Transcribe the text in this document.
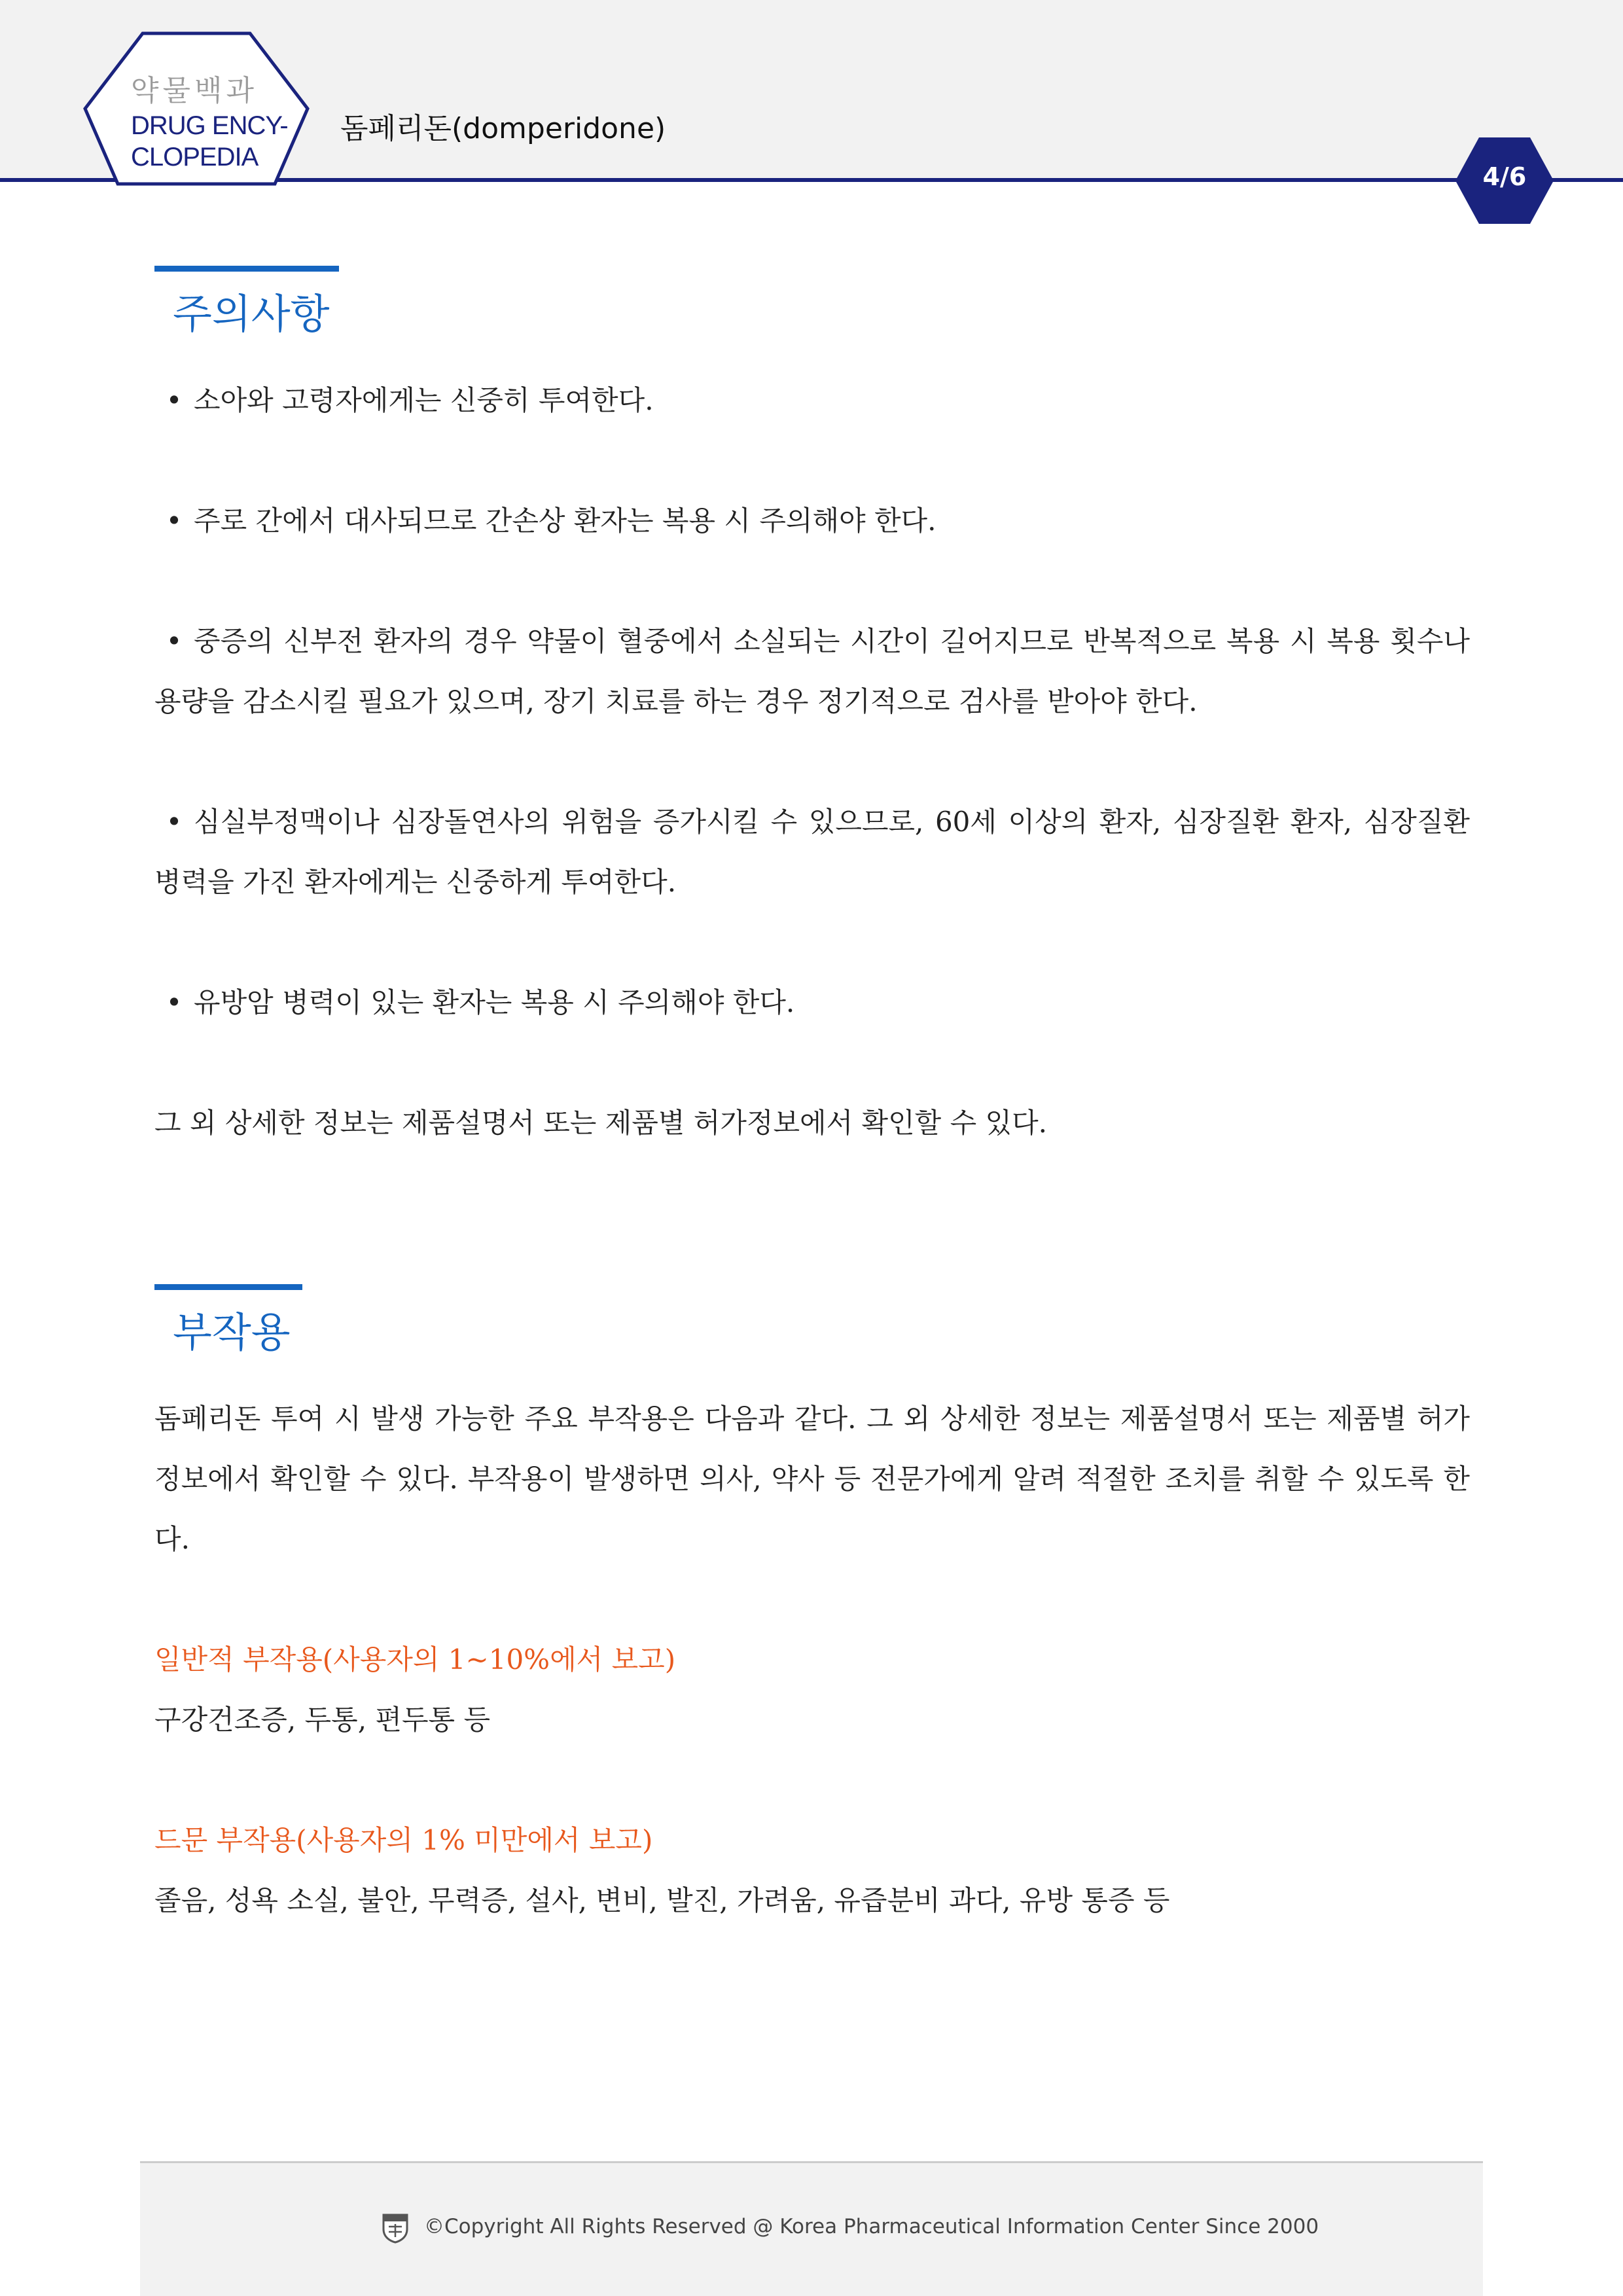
약물백과
DRUG ENCY-
CLOPEDIA
돔페리돈(domperidone)
4/6
주의사항
• 소아와 고령자에게는 신중히 투여한다.
• 주로 간에서 대사되므로 간손상 환자는 복용 시 주의해야 한다.
• 중증의 신부전 환자의 경우 약물이 혈중에서 소실되는 시간이 길어지므로 반복적으로 복용 시 복용 횟수나 용량을 감소시킬 필요가 있으며, 장기 치료를 하는 경우 정기적으로 검사를 받아야 한다.
• 심실부정맥이나 심장돌연사의 위험을 증가시킬 수 있으므로, 60세 이상의 환자, 심장질환 환자, 심장질환 병력을 가진 환자에게는 신중하게 투여한다.
• 유방암 병력이 있는 환자는 복용 시 주의해야 한다.
그 외 상세한 정보는 제품설명서 또는 제품별 허가정보에서 확인할 수 있다.
부작용
돔페리돈 투여 시 발생 가능한 주요 부작용은 다음과 같다. 그 외 상세한 정보는 제품설명서 또는 제품별 허가정보에서 확인할 수 있다. 부작용이 발생하면 의사, 약사 등 전문가에게 알려 적절한 조치를 취할 수 있도록 한다.
일반적 부작용(사용자의 1~10%에서 보고)
구강건조증, 두통, 편두통 등
드문 부작용(사용자의 1% 미만에서 보고)
졸음, 성욕 소실, 불안, 무력증, 설사, 변비, 발진, 가려움, 유즙분비 과다, 유방 통증 등
©Copyright All Rights Reserved @ Korea Pharmaceutical Information Center Since 2000
